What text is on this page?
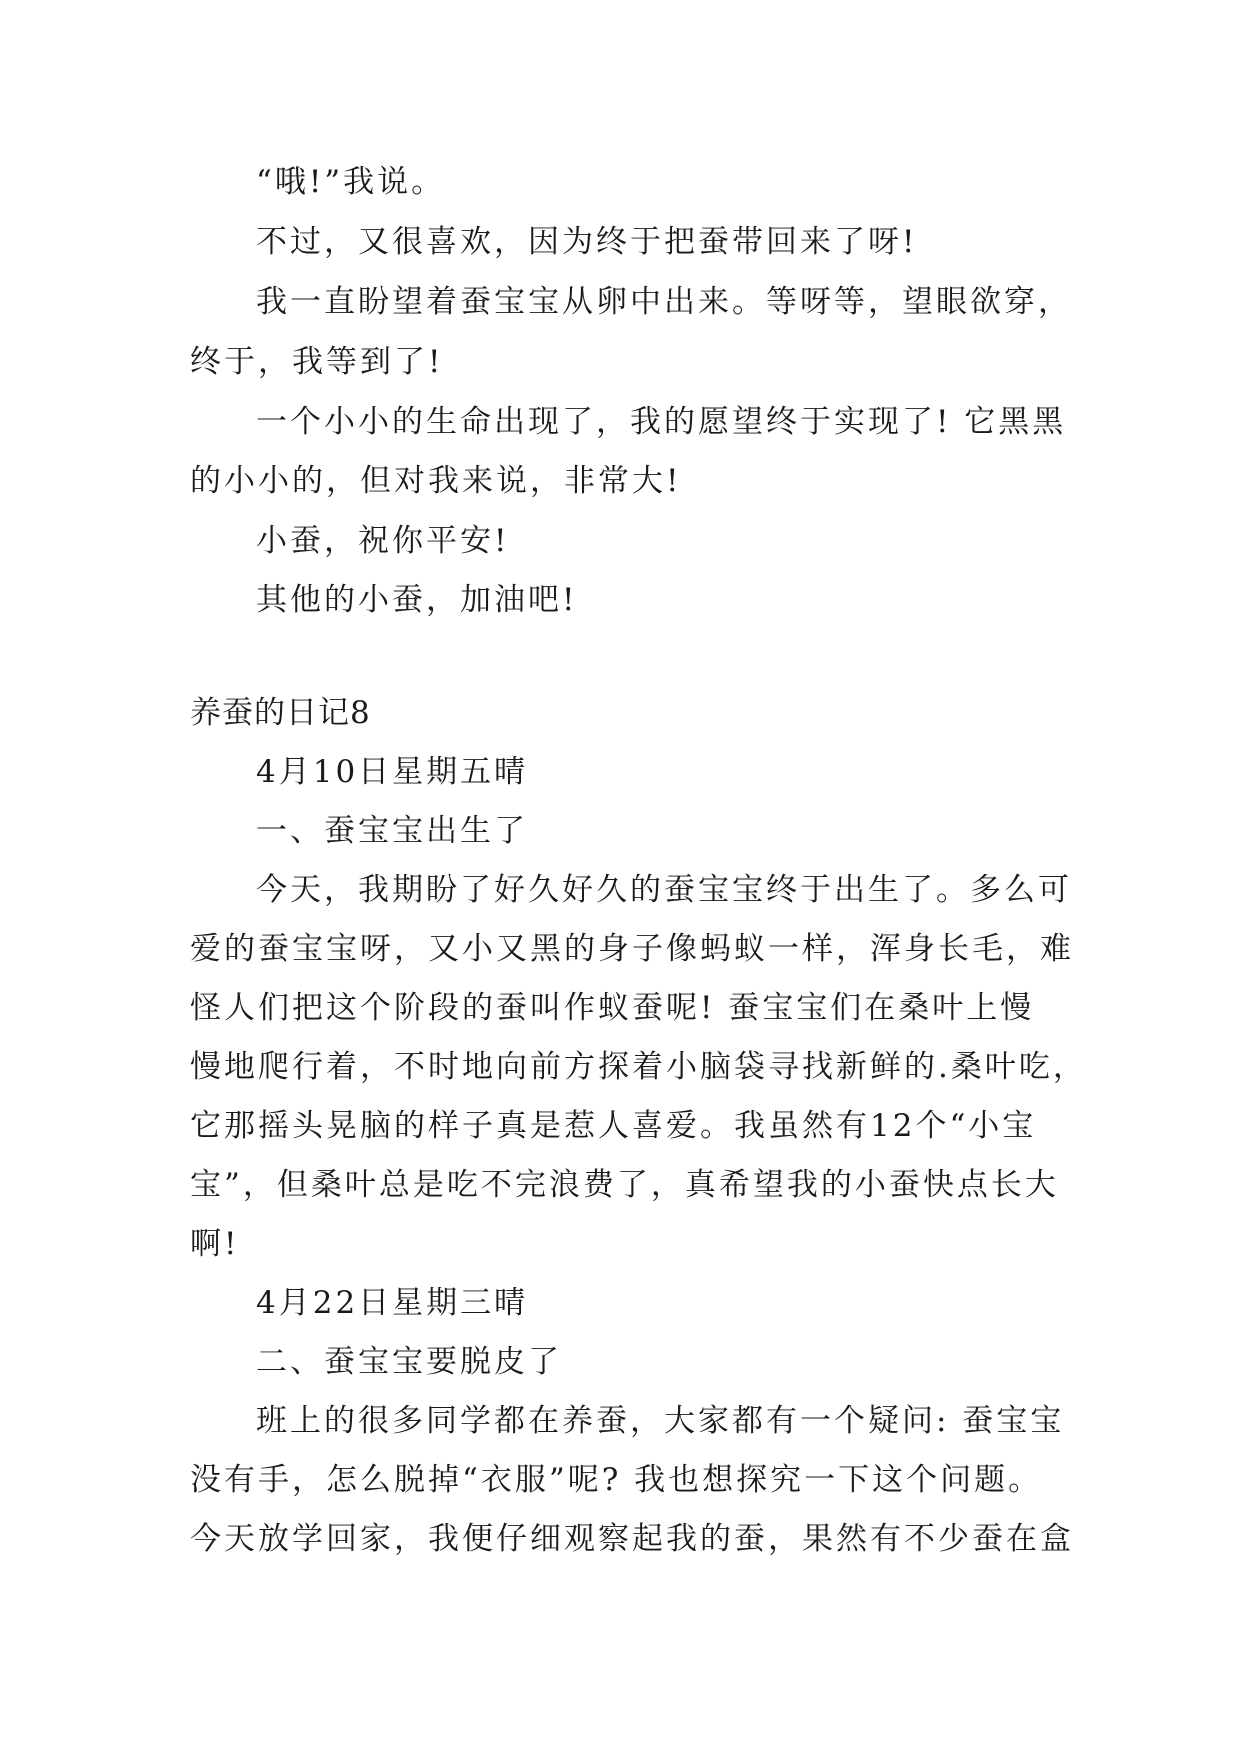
“哦!”我说。
不过，又很喜欢，因为终于把蚕带回来了呀!
我一直盼望着蚕宝宝从卵中出来。等呀等，望眼欲穿，
终于，我等到了!
一个小小的生命出现了，我的愿望终于实现了! 它黑黑
的小小的，但对我来说，非常大!
小蚕，祝你平安!
其他的小蚕，加油吧!
养蚕的日记8
4月10日星期五晴
一、蚕宝宝出生了
今天，我期盼了好久好久的蚕宝宝终于出生了。多么可
爱的蚕宝宝呀，又小又黑的身子像蚂蚁一样，浑身长毛，难
怪人们把这个阶段的蚕叫作蚁蚕呢! 蚕宝宝们在桑叶上慢
慢地爬行着，不时地向前方探着小脑袋寻找新鲜的.桑叶吃，
它那摇头晃脑的样子真是惹人喜爱。我虽然有12个“小宝
宝”，但桑叶总是吃不完浪费了，真希望我的小蚕快点长大
啊!
4月22日星期三晴
二、蚕宝宝要脱皮了
班上的很多同学都在养蚕，大家都有一个疑问: 蚕宝宝
没有手，怎么脱掉“衣服”呢? 我也想探究一下这个问题。
今天放学回家，我便仔细观察起我的蚕，果然有不少蚕在盒
